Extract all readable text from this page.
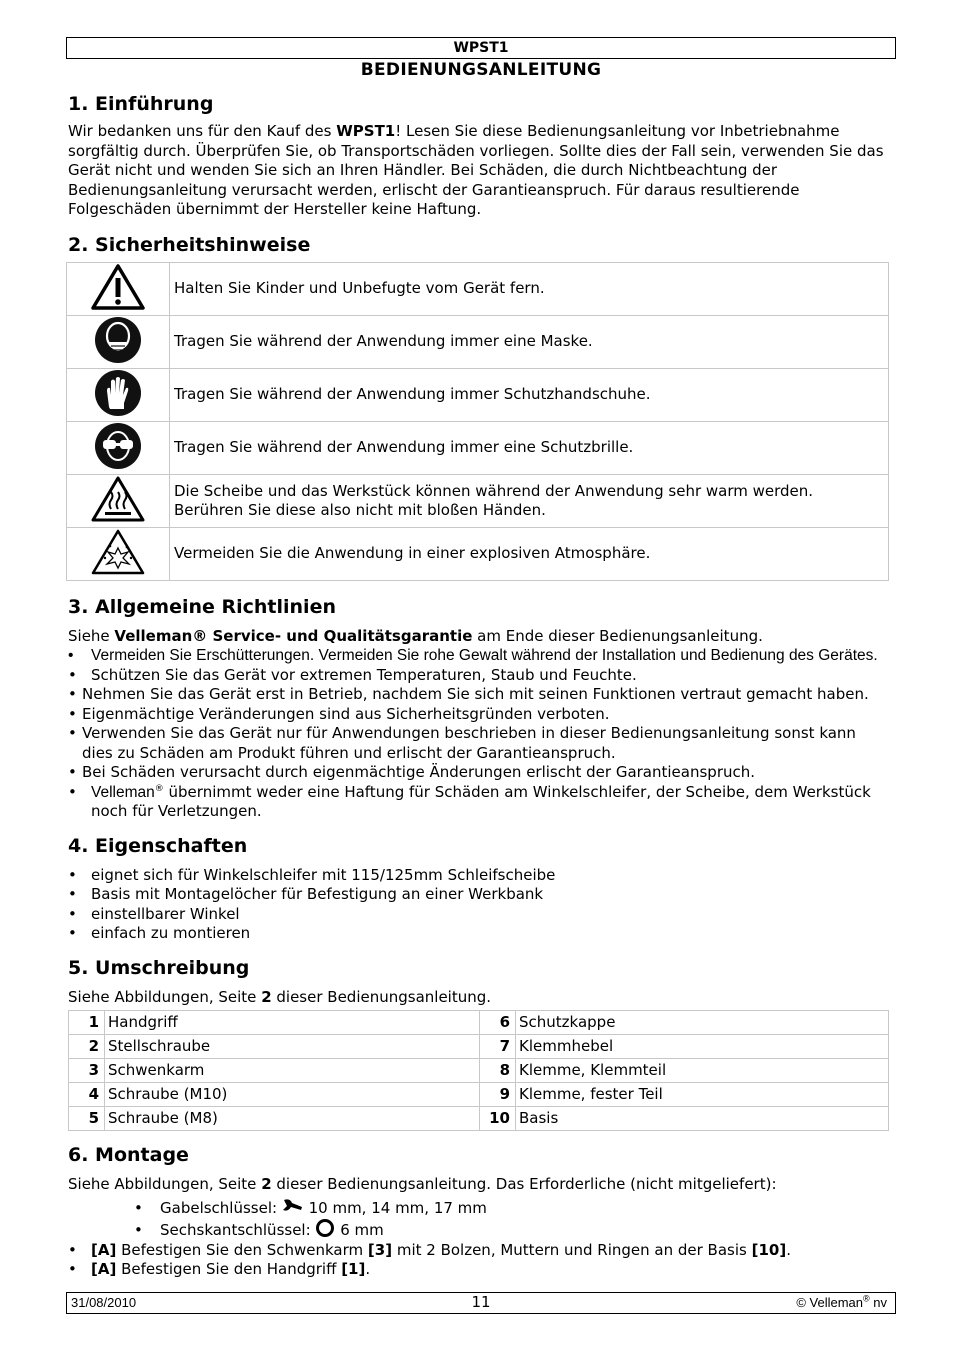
WPST1
BEDIENUNGSANLEITUNG
1. Einführung

Wir bedanken uns für den Kauf des WPST1! Lesen Sie diese Bedienungsanleitung vor Inbetriebnahme sorgfältig durch. Überprüfen Sie, ob Transportschäden vorliegen. Sollte dies der Fall sein, verwenden Sie das Gerät nicht und wenden Sie sich an Ihren Händler. Bei Schäden, die durch Nichtbeachtung der Bedienungsanleitung verursacht werden, erlischt der Garantieanspruch. Für daraus resultierende Folgeschäden übernimmt der Hersteller keine Haftung.

2. Sicherheitshinweise
	Halten Sie Kinder und Unbefugte vom Gerät fern.
	Tragen Sie während der Anwendung immer eine Maske.
	Tragen Sie während der Anwendung immer Schutzhandschuhe.
	Tragen Sie während der Anwendung immer eine Schutzbrille.
	Die Scheibe und das Werkstück können während der Anwendung sehr warm werden. Berühren Sie diese also nicht mit bloßen Händen.
	Vermeiden Sie die Anwendung in einer explosiven Atmosphäre.
3. Allgemeine Richtlinien

Siehe Velleman® Service- und Qualitätsgarantie am Ende dieser Bedienungsanleitung.

• Vermeiden Sie Erschütterungen. Vermeiden Sie rohe Gewalt während der Installation und Bedienung des Gerätes.
• Schützen Sie das Gerät vor extremen Temperaturen, Staub und Feuchte.
• Nehmen Sie das Gerät erst in Betrieb, nachdem Sie sich mit seinen Funktionen vertraut gemacht haben.
• Eigenmächtige Veränderungen sind aus Sicherheitsgründen verboten.
• Verwenden Sie das Gerät nur für Anwendungen beschrieben in dieser Bedienungsanleitung sonst kann dies zu Schäden am Produkt führen und erlischt der Garantieanspruch.
• Bei Schäden verursacht durch eigenmächtige Änderungen erlischt der Garantieanspruch.
• Velleman® übernimmt weder eine Haftung für Schäden am Winkelschleifer, der Scheibe, dem Werkstück noch für Verletzungen.
4. Eigenschaften
• eignet sich für Winkelschleifer mit 115/125mm Schleifscheibe
• Basis mit Montagelöcher für Befestigung an einer Werkbank
• einstellbarer Winkel
• einfach zu montieren
5. Umschreibung

Siehe Abbildungen, Seite 2 dieser Bedienungsanleitung.

1	Handgriff	6	Schutzkappe
2	Stellschraube	7	Klemmhebel
3	Schwenkarm	8	Klemme, Klemmteil
4	Schraube (M10)	9	Klemme, fester Teil
5	Schraube (M8)	10	Basis
6. Montage

Siehe Abbildungen, Seite 2 dieser Bedienungsanleitung. Das Erforderliche (nicht mitgeliefert):

• Gabelschlüssel:  10 mm, 14 mm, 17 mm
• Sechskantschlüssel:  6 mm
• [A] Befestigen Sie den Schwenkarm [3] mit 2 Bolzen, Muttern und Ringen an der Basis [10].
• [A] Befestigen Sie den Handgriff [1].
31/08/2010	11	© Velleman® nv
